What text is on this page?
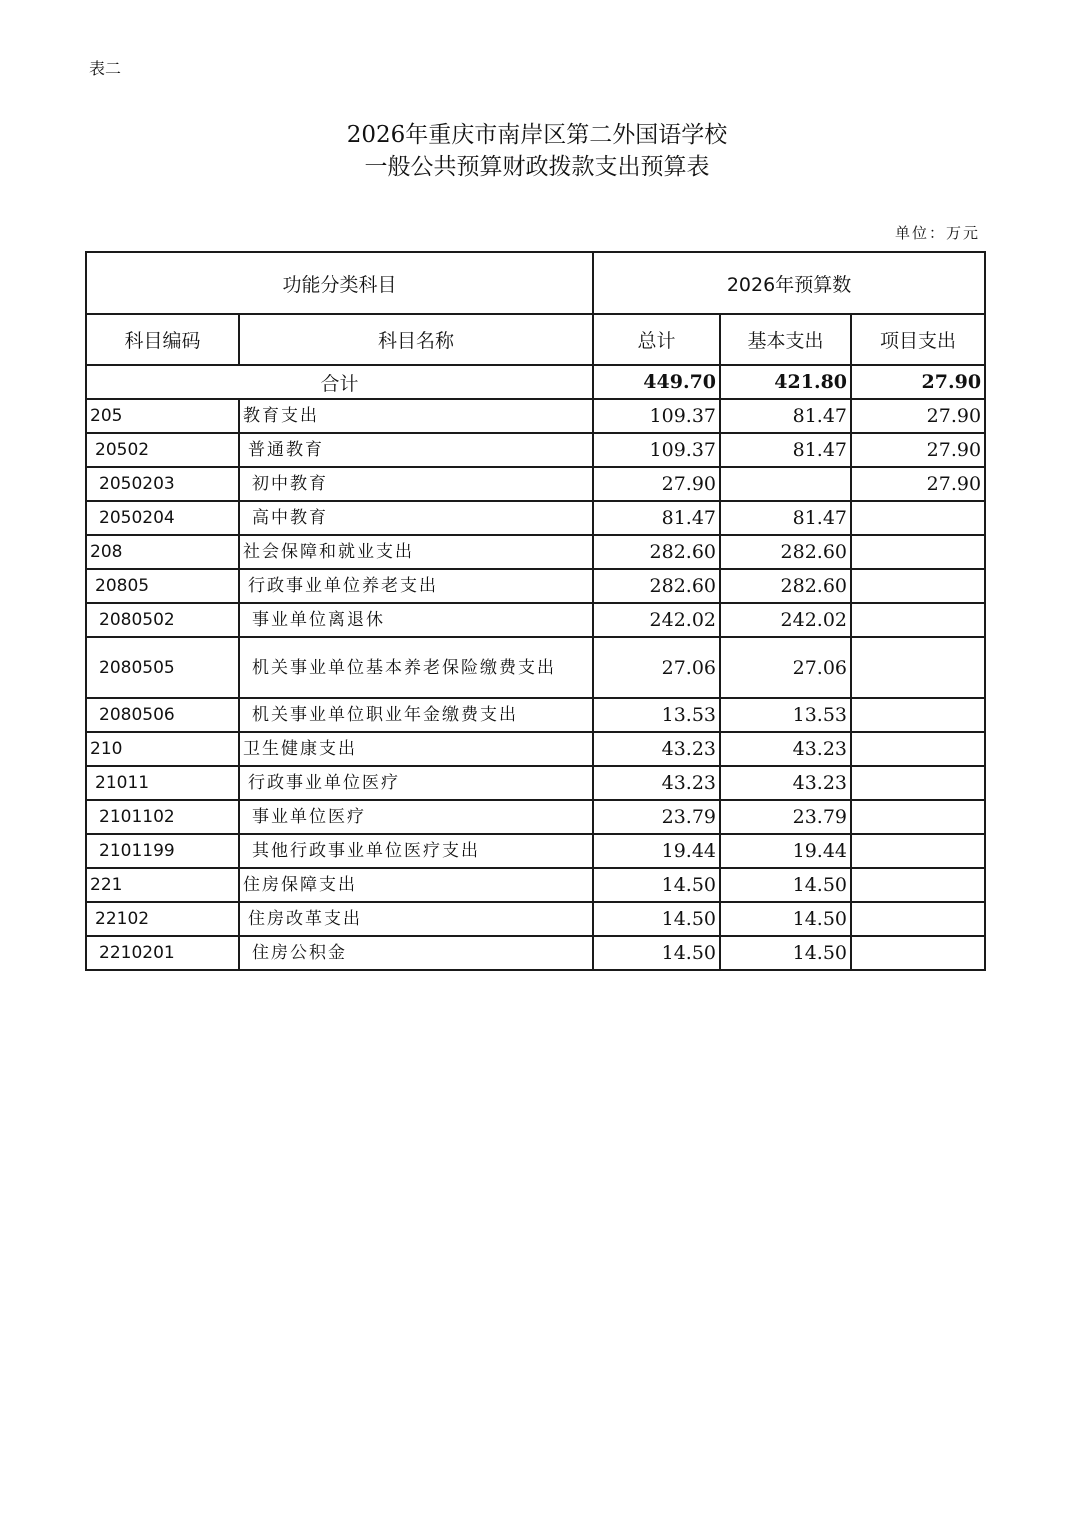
表二
2026年重庆市南岸区第二外国语学校
一般公共预算财政拨款支出预算表
单位：万元
功能分类科目		2026年预算数		
科目编码	科目名称	总计	基本支出	项目支出
合计		449.70	421.80	27.90
205	教育支出	109.37	81.47	27.90
20502	普通教育	109.37	81.47	27.90
2050203	初中教育	27.90		27.90
2050204	高中教育	81.47	81.47	
208	社会保障和就业支出	282.60	282.60	
20805	行政事业单位养老支出	282.60	282.60	
2080502	事业单位离退休	242.02	242.02	
2080505	机关事业单位基本养老保险缴费支出	27.06	27.06	
2080506	机关事业单位职业年金缴费支出	13.53	13.53	
210	卫生健康支出	43.23	43.23	
21011	行政事业单位医疗	43.23	43.23	
2101102	事业单位医疗	23.79	23.79	
2101199	其他行政事业单位医疗支出	19.44	19.44	
221	住房保障支出	14.50	14.50	
22102	住房改革支出	14.50	14.50	
2210201	住房公积金	14.50	14.50	
